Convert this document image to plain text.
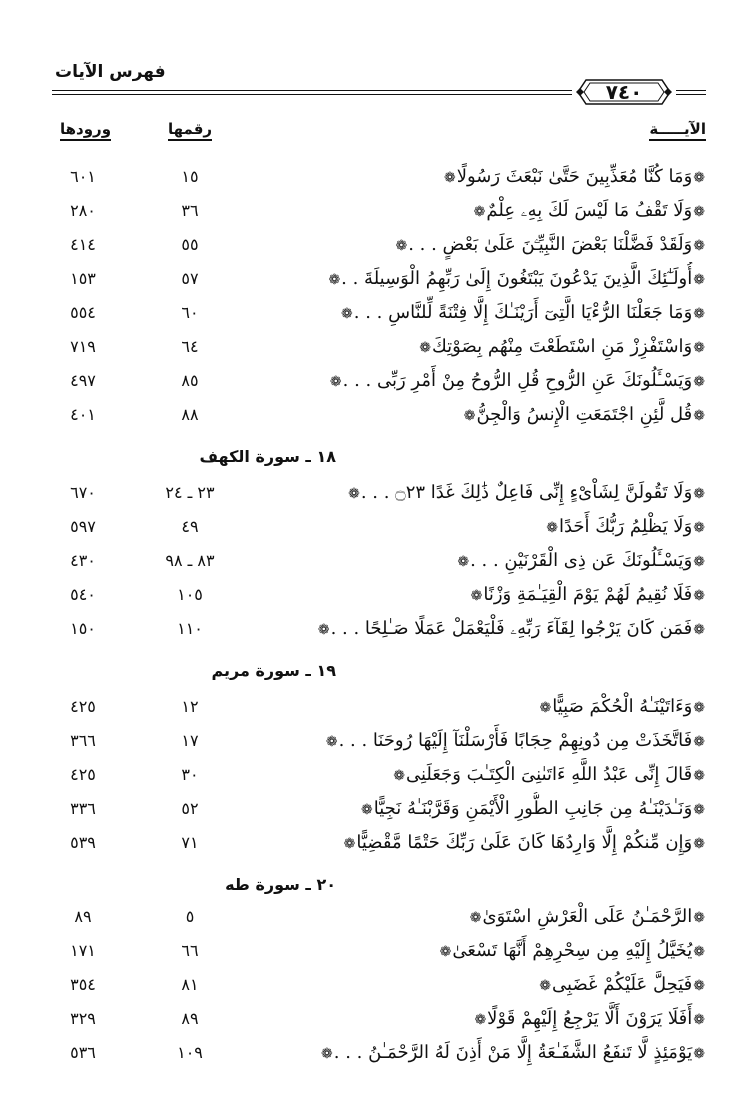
فهرس الآيات
٧٤٠
الآيـــــة
رقمها
ورودها
❁وَمَا كُنَّا مُعَذِّبِينَ حَتَّىٰ نَبْعَثَ رَسُولًا❁
١٥
٦٠١
❁وَلَا تَقْفُ مَا لَيْسَ لَكَ بِهِۦ عِلْمٌ❁
٣٦
٢٨٠
❁وَلَقَدْ فَضَّلْنَا بَعْضَ النَّبِيِّـۧنَ عَلَىٰ بَعْضٍ . . .❁
٥٥
٤١٤
❁أُولَـٰٓئِكَ الَّذِينَ يَدْعُونَ يَبْتَغُونَ إِلَىٰ رَبِّهِمُ الْوَسِيلَةَ . .❁
٥٧
١٥٣
❁وَمَا جَعَلْنَا الرُّءْيَا الَّتِىٓ أَرَيْنَـٰكَ إِلَّا فِتْنَةً لِّلنَّاسِ . . .❁
٦٠
٥٥٤
❁وَاسْتَفْزِزْ مَنِ اسْتَطَعْتَ مِنْهُم بِصَوْتِكَ❁
٦٤
٧١٩
❁وَيَسْـَٔلُونَكَ عَنِ الرُّوحِ قُلِ الرُّوحُ مِنْ أَمْرِ رَبِّى . . .❁
٨٥
٤٩٧
❁قُل لَّئِنِ اجْتَمَعَتِ الْإِنسُ وَالْجِنُّ❁
٨٨
٤٠١
١٨ ـ سورة الكهف
❁وَلَا تَقُولَنَّ لِشَاْىْءٍ إِنِّى فَاعِلٌ ذَٰلِكَ غَدًا ۝٢٣ . . .❁
٢٣ ـ ٢٤
٦٧٠
❁وَلَا يَظْلِمُ رَبُّكَ أَحَدًا❁
٤٩
٥٩٧
❁وَيَسْـَٔلُونَكَ عَن ذِى الْقَرْنَيْنِ . . .❁
٨٣ ـ ٩٨
٤٣٠
❁فَلَا نُقِيمُ لَهُمْ يَوْمَ الْقِيَـٰمَةِ وَزْنًا❁
١٠٥
٥٤٠
❁فَمَن كَانَ يَرْجُوا لِقَآءَ رَبِّهِۦ فَلْيَعْمَلْ عَمَلًا صَـٰلِحًا . . .❁
١١٠
١٥٠
١٩ ـ سورة مريم
❁وَءَاتَيْنَـٰهُ الْحُكْمَ صَبِيًّا❁
١٢
٤٢٥
❁فَاتَّخَذَتْ مِن دُونِهِمْ حِجَابًا فَأَرْسَلْنَآ إِلَيْهَا رُوحَنَا . . .❁
١٧
٣٦٦
❁قَالَ إِنِّى عَبْدُ اللَّهِ ءَاتَىٰنِىَ الْكِتَـٰبَ وَجَعَلَنِى❁
٣٠
٤٢٥
❁وَنَـٰدَيْنَـٰهُ مِن جَانِبِ الطُّورِ الْأَيْمَنِ وَقَرَّبْنَـٰهُ نَجِيًّا❁
٥٢
٣٣٦
❁وَإِن مِّنكُمْ إِلَّا وَارِدُهَا كَانَ عَلَىٰ رَبِّكَ حَتْمًا مَّقْضِيًّا❁
٧١
٥٣٩
٢٠ ـ سورة طه
❁الرَّحْمَـٰنُ عَلَى الْعَرْشِ اسْتَوَىٰ❁
٥
٨٩
❁يُخَيَّلُ إِلَيْهِ مِن سِحْرِهِمْ أَنَّهَا تَسْعَىٰ❁
٦٦
١٧١
❁فَيَحِلَّ عَلَيْكُمْ غَضَبِى❁
٨١
٣٥٤
❁أَفَلَا يَرَوْنَ أَلَّا يَرْجِعُ إِلَيْهِمْ قَوْلًا❁
٨٩
٣٢٩
❁يَوْمَئِذٍ لَّا تَنفَعُ الشَّفَـٰعَةُ إِلَّا مَنْ أَذِنَ لَهُ الرَّحْمَـٰنُ . . .❁
١٠٩
٥٣٦
